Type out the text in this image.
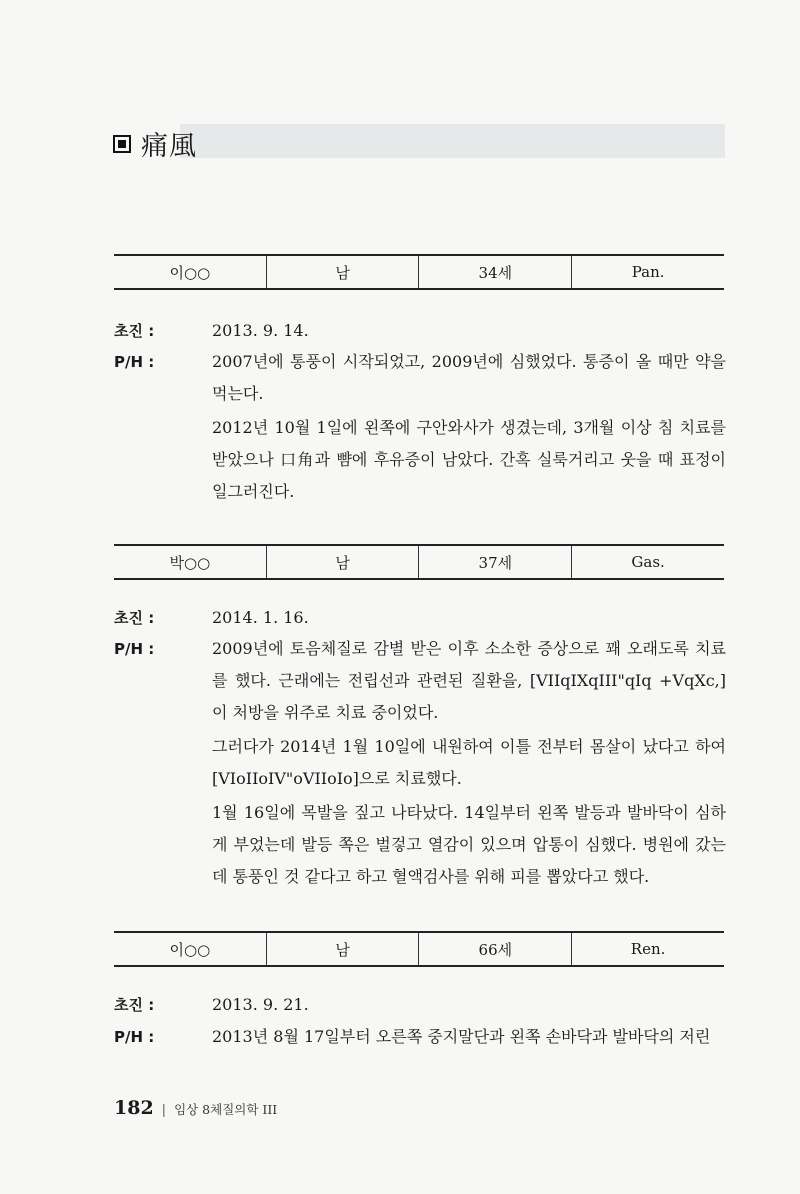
痛風
이○○	남	34세	Pan.
초진 :	2013. 9. 14.
P/H :	2007년에 통풍이 시작되었고, 2009년에 심했었다. 통증이 올 때만 약을 먹는다.

2012년 10월 1일에 왼쪽에 구안와사가 생겼는데, 3개월 이상 침 치료를 받았으나 口角과 뺨에 후유증이 남았다. 간혹 실룩거리고 웃을 때 표정이 일그러진다.

박○○	남	37세	Gas.
초진 :	2014. 1. 16.
P/H :	2009년에 토음체질로 감별 받은 이후 소소한 증상으로 꽤 오래도록 치료를 했다. 근래에는 전립선과 관련된 질환을, [VIIqIXqIII"qIq +VqXc,] 이 처방을 위주로 치료 중이었다.

그러다가 2014년 1월 10일에 내원하여 이틀 전부터 몸살이 났다고 하여 [VIoIIoIV"oVIIoIo]으로 치료했다.

1월 16일에 목발을 짚고 나타났다. 14일부터 왼쪽 발등과 발바닥이 심하게 부었는데 발등 쪽은 벌겋고 열감이 있으며 압통이 심했다. 병원에 갔는데 통풍인 것 같다고 하고 혈액검사를 위해 피를 뽑았다고 했다.

이○○	남	66세	Ren.
초진 :	2013. 9. 21.
P/H :	2013년 8월 17일부터 오른쪽 중지말단과 왼쪽 손바닥과 발바닥의 저린

182 | 임상 8체질의학 III
